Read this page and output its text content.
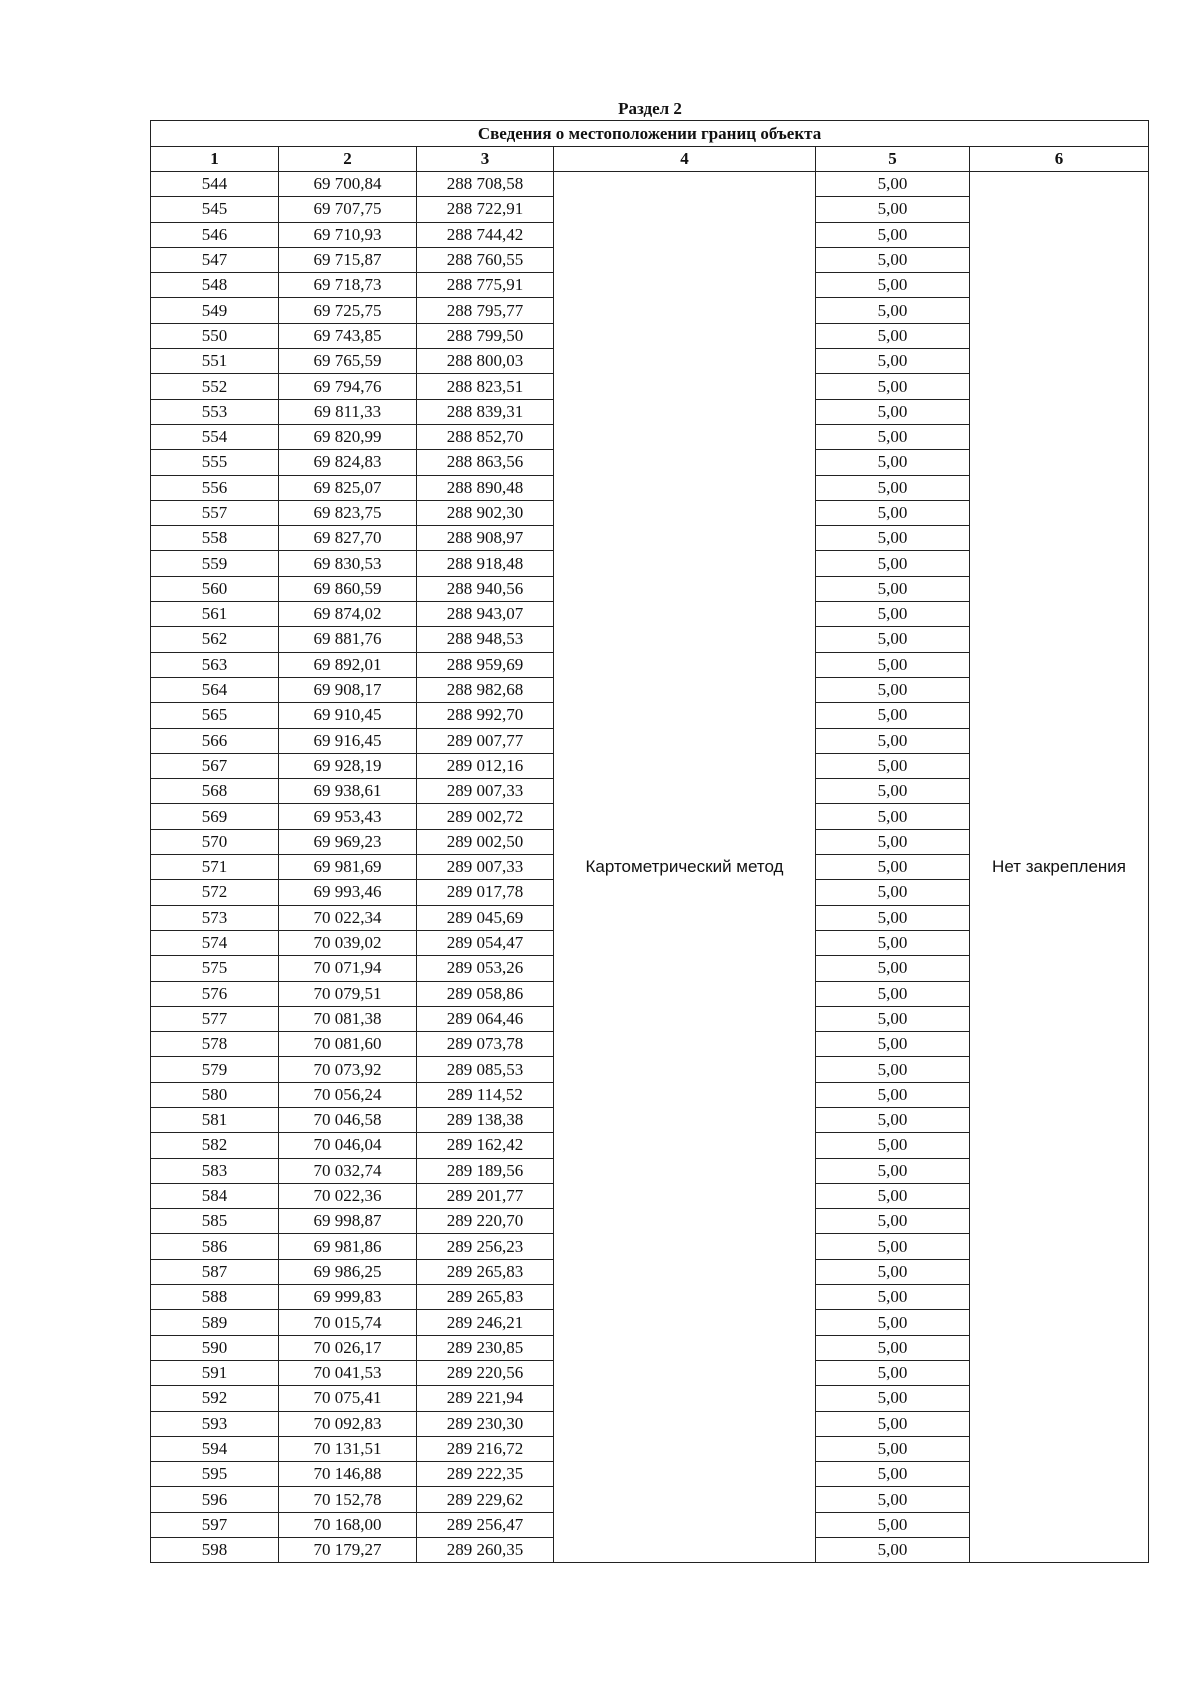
Раздел 2
Сведения о местоположении границ объекта					
1	2	3	4	5	6
544	69 700,84	288 708,58	Картометрический метод	5,00	Нет закрепления
545	69 707,75	288 722,91		5,00	
546	69 710,93	288 744,42		5,00	
547	69 715,87	288 760,55		5,00	
548	69 718,73	288 775,91		5,00	
549	69 725,75	288 795,77		5,00	
550	69 743,85	288 799,50		5,00	
551	69 765,59	288 800,03		5,00	
552	69 794,76	288 823,51		5,00	
553	69 811,33	288 839,31		5,00	
554	69 820,99	288 852,70		5,00	
555	69 824,83	288 863,56		5,00	
556	69 825,07	288 890,48		5,00	
557	69 823,75	288 902,30		5,00	
558	69 827,70	288 908,97		5,00	
559	69 830,53	288 918,48		5,00	
560	69 860,59	288 940,56		5,00	
561	69 874,02	288 943,07		5,00	
562	69 881,76	288 948,53		5,00	
563	69 892,01	288 959,69		5,00	
564	69 908,17	288 982,68		5,00	
565	69 910,45	288 992,70		5,00	
566	69 916,45	289 007,77		5,00	
567	69 928,19	289 012,16		5,00	
568	69 938,61	289 007,33		5,00	
569	69 953,43	289 002,72		5,00	
570	69 969,23	289 002,50		5,00	
571	69 981,69	289 007,33		5,00	
572	69 993,46	289 017,78		5,00	
573	70 022,34	289 045,69		5,00	
574	70 039,02	289 054,47		5,00	
575	70 071,94	289 053,26		5,00	
576	70 079,51	289 058,86		5,00	
577	70 081,38	289 064,46		5,00	
578	70 081,60	289 073,78		5,00	
579	70 073,92	289 085,53		5,00	
580	70 056,24	289 114,52		5,00	
581	70 046,58	289 138,38		5,00	
582	70 046,04	289 162,42		5,00	
583	70 032,74	289 189,56		5,00	
584	70 022,36	289 201,77		5,00	
585	69 998,87	289 220,70		5,00	
586	69 981,86	289 256,23		5,00	
587	69 986,25	289 265,83		5,00	
588	69 999,83	289 265,83		5,00	
589	70 015,74	289 246,21		5,00	
590	70 026,17	289 230,85		5,00	
591	70 041,53	289 220,56		5,00	
592	70 075,41	289 221,94		5,00	
593	70 092,83	289 230,30		5,00	
594	70 131,51	289 216,72		5,00	
595	70 146,88	289 222,35		5,00	
596	70 152,78	289 229,62		5,00	
597	70 168,00	289 256,47		5,00	
598	70 179,27	289 260,35		5,00	
